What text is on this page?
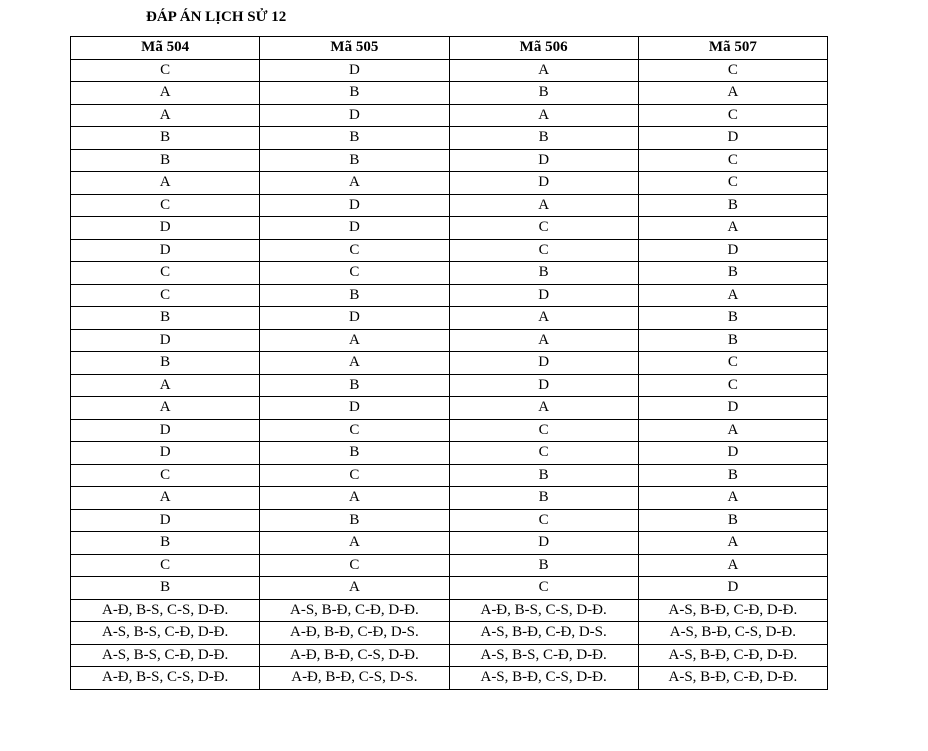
ĐÁP ÁN LỊCH SỬ 12
Mã 504	Mã 505	Mã 506	Mã 507
C	D	A	C
A	B	B	A
A	D	A	C
B	B	B	D
B	B	D	C
A	A	D	C
C	D	A	B
D	D	C	A
D	C	C	D
C	C	B	B
C	B	D	A
B	D	A	B
D	A	A	B
B	A	D	C
A	B	D	C
A	D	A	D
D	C	C	A
D	B	C	D
C	C	B	B
A	A	B	A
D	B	C	B
B	A	D	A
C	C	B	A
B	A	C	D
A-Đ, B-S, C-S, D-Đ.	A-S, B-Đ, C-Đ, D-Đ.	A-Đ, B-S, C-S, D-Đ.	A-S, B-Đ, C-Đ, D-Đ.
A-S, B-S, C-Đ, D-Đ.	A-Đ, B-Đ, C-Đ, D-S.	A-S, B-Đ, C-Đ, D-S.	A-S, B-Đ, C-S, D-Đ.
A-S, B-S, C-Đ, D-Đ.	A-Đ, B-Đ, C-S, D-Đ.	A-S, B-S, C-Đ, D-Đ.	A-S, B-Đ, C-Đ, D-Đ.
A-Đ, B-S, C-S, D-Đ.	A-Đ, B-Đ, C-S, D-S.	A-S, B-Đ, C-S, D-Đ.	A-S, B-Đ, C-Đ, D-Đ.
